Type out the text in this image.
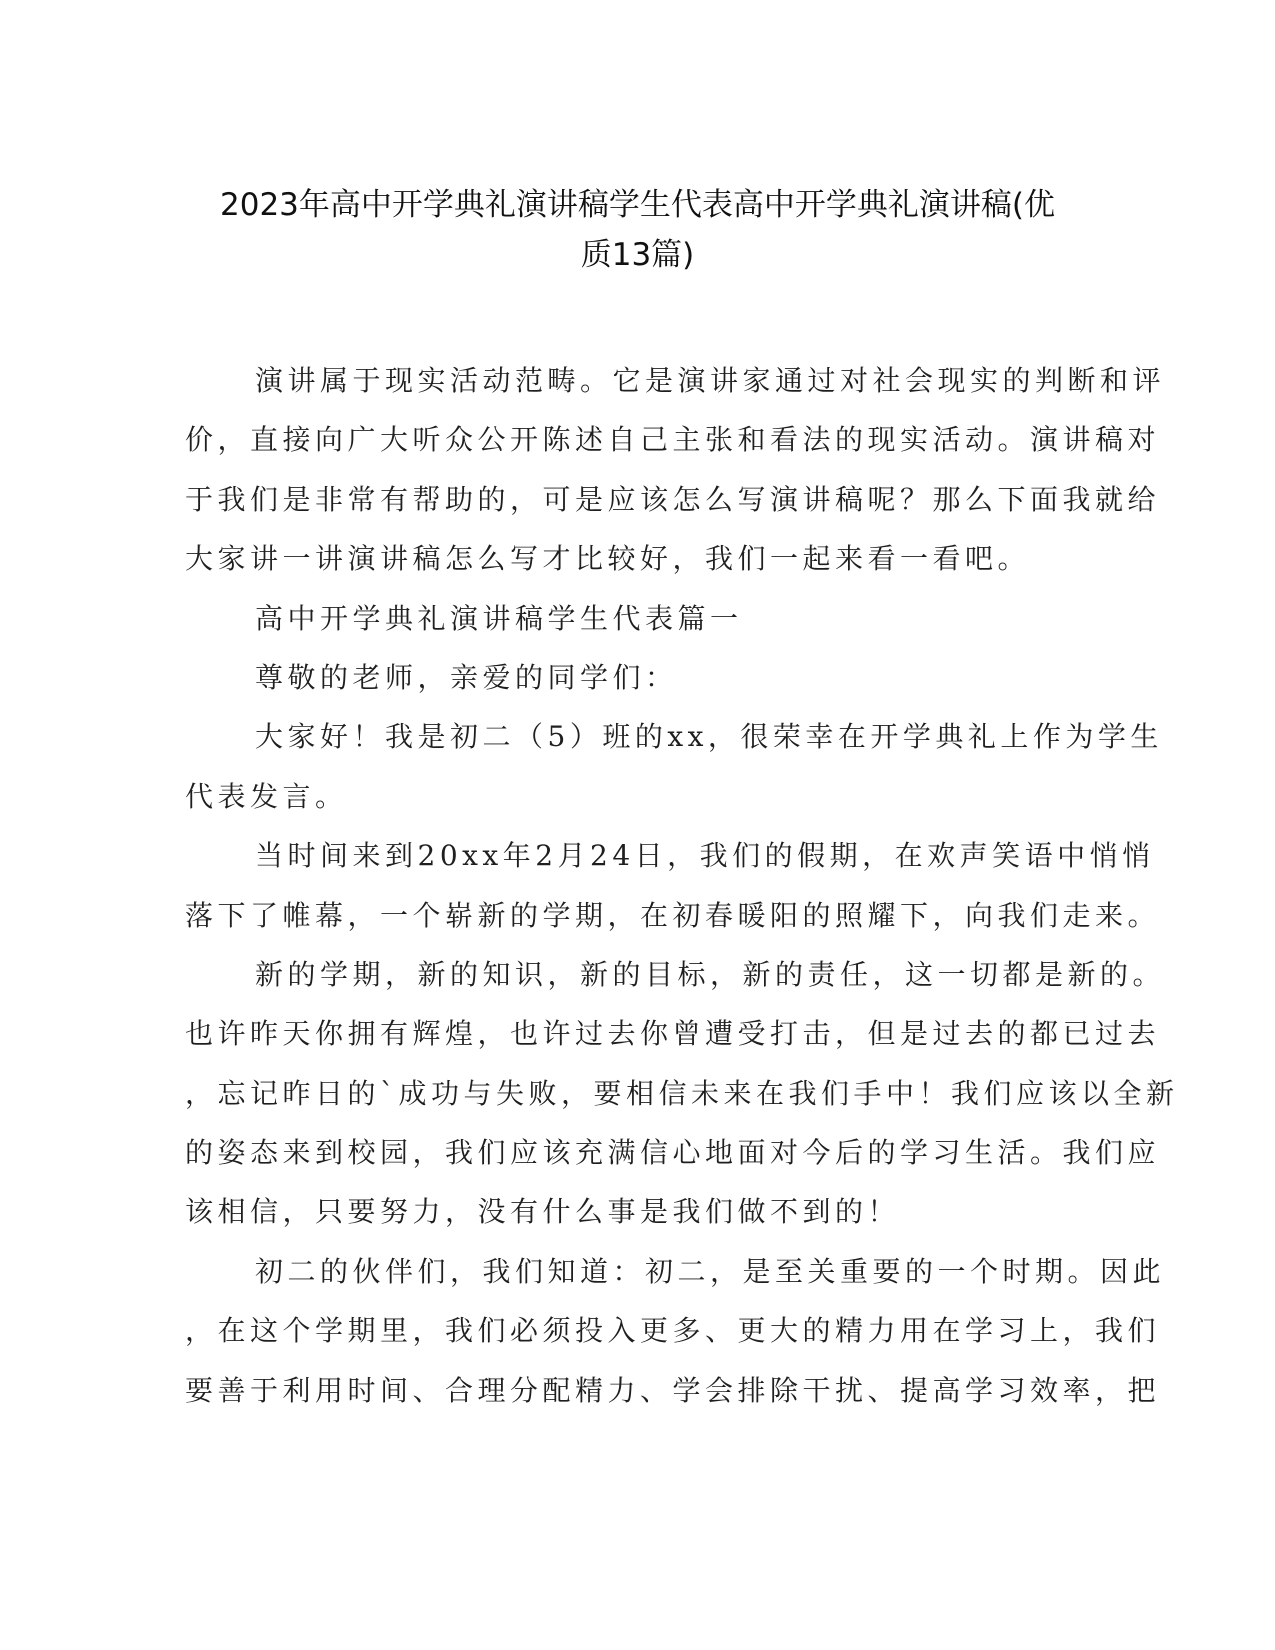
2023年高中开学典礼演讲稿学生代表高中开学典礼演讲稿(优
质13篇)
演讲属于现实活动范畴。它是演讲家通过对社会现实的判断和评
价，直接向广大听众公开陈述自己主张和看法的现实活动。演讲稿对
于我们是非常有帮助的，可是应该怎么写演讲稿呢？那么下面我就给
大家讲一讲演讲稿怎么写才比较好，我们一起来看一看吧。
高中开学典礼演讲稿学生代表篇一
尊敬的老师，亲爱的同学们：
大家好！我是初二（5）班的xx，很荣幸在开学典礼上作为学生
代表发言。
当时间来到20xx年2月24日，我们的假期，在欢声笑语中悄悄
落下了帷幕，一个崭新的学期，在初春暖阳的照耀下，向我们走来。
新的学期，新的知识，新的目标，新的责任，这一切都是新的。
也许昨天你拥有辉煌，也许过去你曾遭受打击，但是过去的都已过去
，忘记昨日的`成功与失败，要相信未来在我们手中！我们应该以全新
的姿态来到校园，我们应该充满信心地面对今后的学习生活。我们应
该相信，只要努力，没有什么事是我们做不到的！
初二的伙伴们，我们知道：初二，是至关重要的一个时期。因此
，在这个学期里，我们必须投入更多、更大的精力用在学习上，我们
要善于利用时间、合理分配精力、学会排除干扰、提高学习效率，把
